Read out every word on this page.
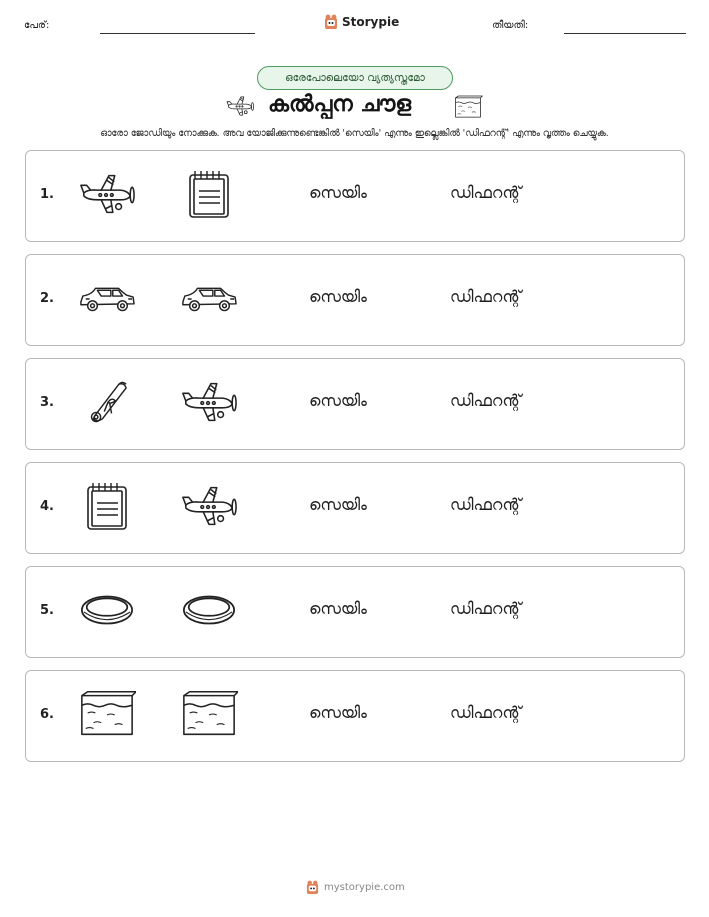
പേര്:	Storypie	തീയതി:
ഒരേപോലെയോ വ്യത്യസ്തമോ
കൽപ്പന ചൗള
ഓരോ ജോഡിയും നോക്കുക. അവ യോജിക്കുന്നുണ്ടെങ്കിൽ 'സെയിം' എന്നും ഇല്ലെങ്കിൽ 'ഡിഫറന്റ്' എന്നും വൃത്തം ചെയ്യുക.
1.	സെയിം	ഡിഫറന്റ്
2.	സെയിം	ഡിഫറന്റ്
3.	സെയിം	ഡിഫറന്റ്
4.	സെയിം	ഡിഫറന്റ്
5.	സെയിം	ഡിഫറന്റ്
6.	സെയിം	ഡിഫറന്റ്
mystorypie.com
